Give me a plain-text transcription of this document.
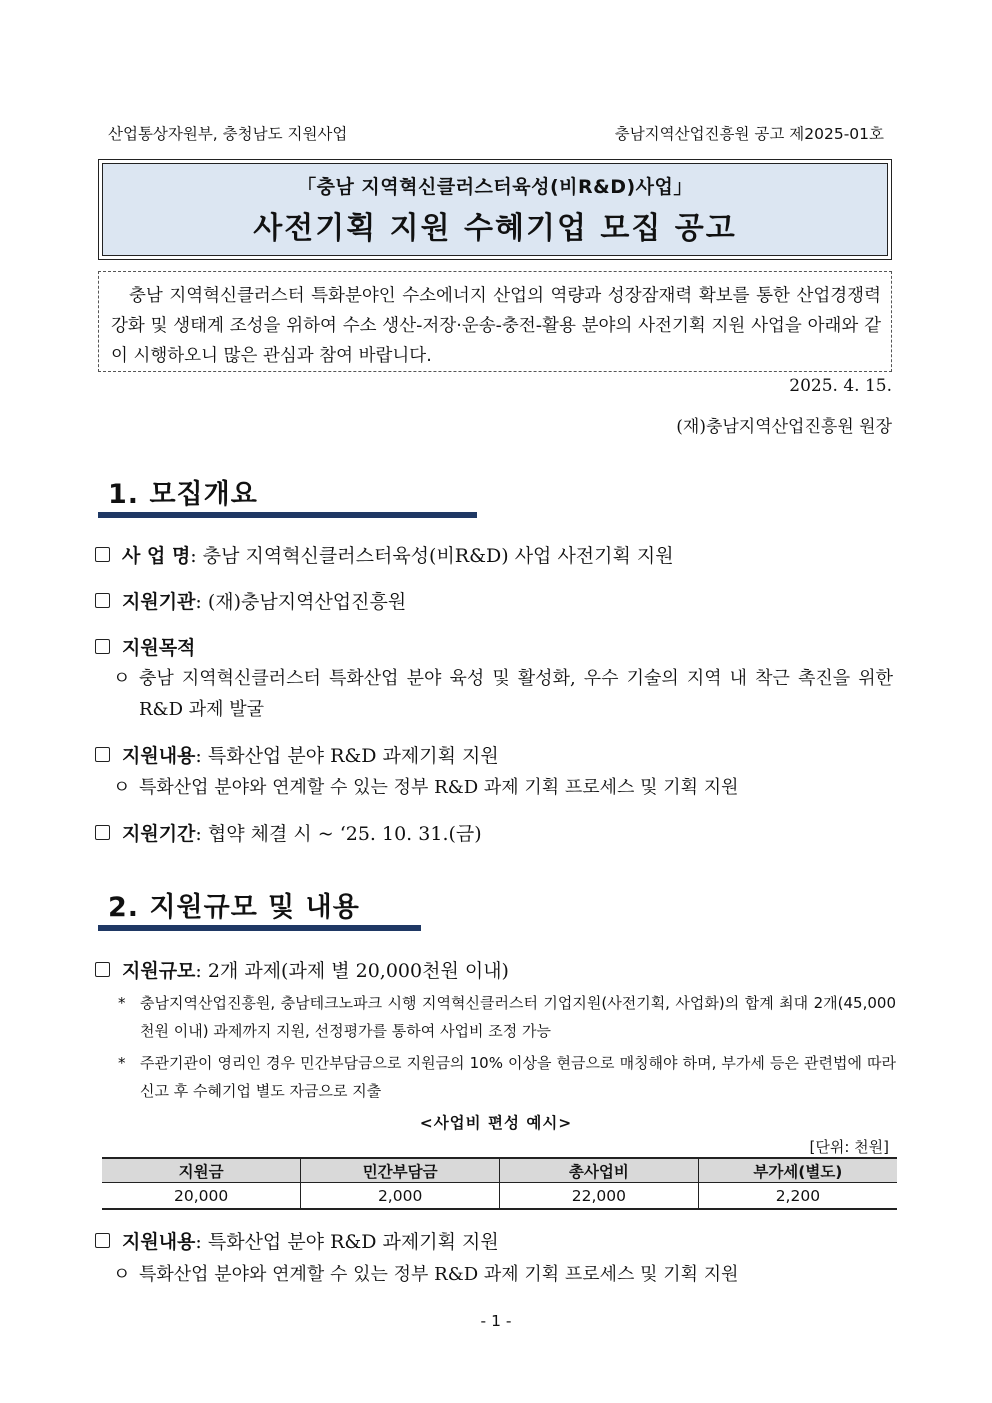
산업통상자원부, 충청남도 지원사업	충남지역산업진흥원 공고 제2025-01호
「충남 지역혁신클러스터육성(비R&D)사업」
사전기획 지원 수혜기업 모집 공고
충남 지역혁신클러스터 특화분야인 수소에너지 산업의 역량과 성장잠재력 확보를 통한 산업경쟁력 강화 및 생태계 조성을 위하여 수소 생산-저장·운송-충전-활용 분야의 사전기획 지원 사업을 아래와 같이 시행하오니 많은 관심과 참여 바랍니다.
2025. 4. 15.
(재)충남지역산업진흥원 원장
1. 모집개요
사 업 명 : 충남 지역혁신클러스터육성(비R&D) 사업 사전기획 지원
지원기관 : (재)충남지역산업진흥원
지원목적
ㅇ 충남 지역혁신클러스터 특화산업 분야 육성 및 활성화, 우수 기술의 지역 내 착근 촉진을 위한 R&D 과제 발굴
지원내용 : 특화산업 분야 R&D 과제기획 지원
ㅇ 특화산업 분야와 연계할 수 있는 정부 R&D 과제 기획 프로세스 및 기획 지원
지원기간 : 협약 체결 시 ~ ‘25. 10. 31.(금)
2. 지원규모 및 내용
지원규모 : 2개 과제(과제 별 20,000천원 이내)
* 충남지역산업진흥원, 충남테크노파크 시행 지역혁신클러스터 기업지원(사전기획, 사업화)의 합계 최대 2개(45,000천원 이내) 과제까지 지원, 선정평가를 통하여 사업비 조정 가능
* 주관기관이 영리인 경우 민간부담금으로 지원금의 10% 이상을 현금으로 매칭해야 하며, 부가세 등은 관련법에 따라 신고 후 수혜기업 별도 자금으로 지출
<사업비 편성 예시>
[단위: 천원]
지원금	민간부담금	총사업비	부가세(별도)
20,000	2,000	22,000	2,200
지원내용 : 특화산업 분야 R&D 과제기획 지원
ㅇ 특화산업 분야와 연계할 수 있는 정부 R&D 과제 기획 프로세스 및 기획 지원
- 1 -
